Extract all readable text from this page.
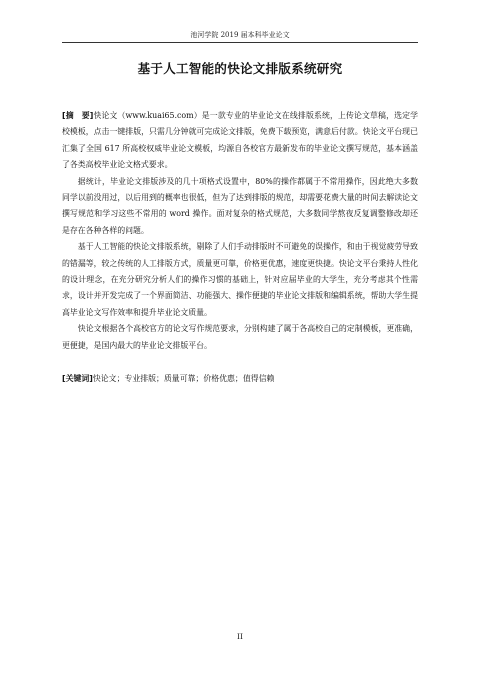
池河学院 2019 届本科毕业论文
基于人工智能的快论文排版系统研究

[摘　要]快论文（www.kuai65.com）是一款专业的毕业论文在线排版系统，上传论文草稿，选定学校模板，点击一键排版，只需几分钟就可完成论文排版，免费下载预览，满意后付款。快论文平台现已汇集了全国 617 所高校权威毕业论文模板，均源自各校官方最新发布的毕业论文撰写规范，基本涵盖了各类高校毕业论文格式要求。

据统计，毕业论文排版涉及的几十项格式设置中，80%的操作都属于不常用操作，因此绝大多数同学以前没用过，以后用到的概率也很低，但为了达到排版的规范，却需要花费大量的时间去解读论文撰写规范和学习这些不常用的 word 操作。面对复杂的格式规范，大多数同学熬夜反复调整修改却还是存在各种各样的问题。

基于人工智能的快论文排版系统，剔除了人们手动排版时不可避免的误操作，和由于视觉疲劳导致的错漏等，较之传统的人工排版方式，质量更可靠，价格更优惠，速度更快捷。快论文平台秉持人性化的设计理念，在充分研究分析人们的操作习惯的基础上，针对应届毕业的大学生，充分考虑其个性需求，设计并开发完成了一个界面简洁、功能强大、操作便捷的毕业论文排版和编辑系统，帮助大学生提高毕业论文写作效率和提升毕业论文质量。

快论文根据各个高校官方的论文写作规范要求，分别构建了属于各高校自己的定制模板，更准确，更便捷，是国内最大的毕业论文排版平台。

[关键词]快论文；专业排版；质量可靠；价格优惠；值得信赖

II
